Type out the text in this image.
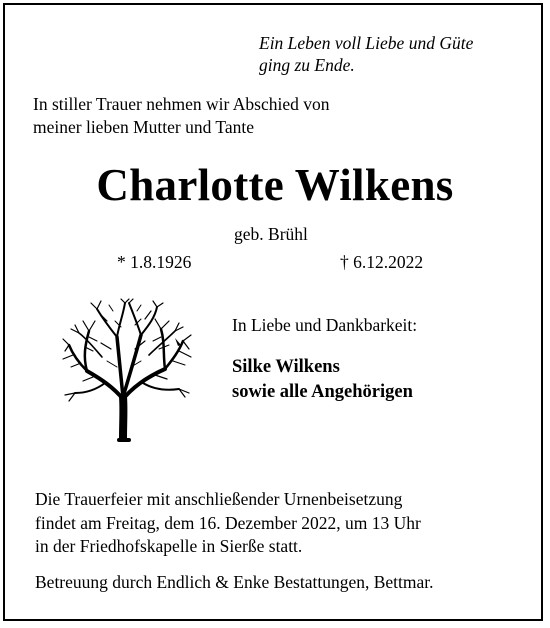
Ein Leben voll Liebe und Güte
ging zu Ende.
In stiller Trauer nehmen wir Abschied von
meiner lieben Mutter und Tante
Charlotte Wilkens
geb. Brühl
* 1.8.1926	† 6.12.2022
In Liebe und Dankbarkeit:
Silke Wilkens
sowie alle Angehörigen
Die Trauerfeier mit anschließender Urnenbeisetzung
findet am Freitag, dem 16. Dezember 2022, um 13 Uhr
in der Friedhofskapelle in Sierße statt.
Betreuung durch Endlich & Enke Bestattungen, Bettmar.
